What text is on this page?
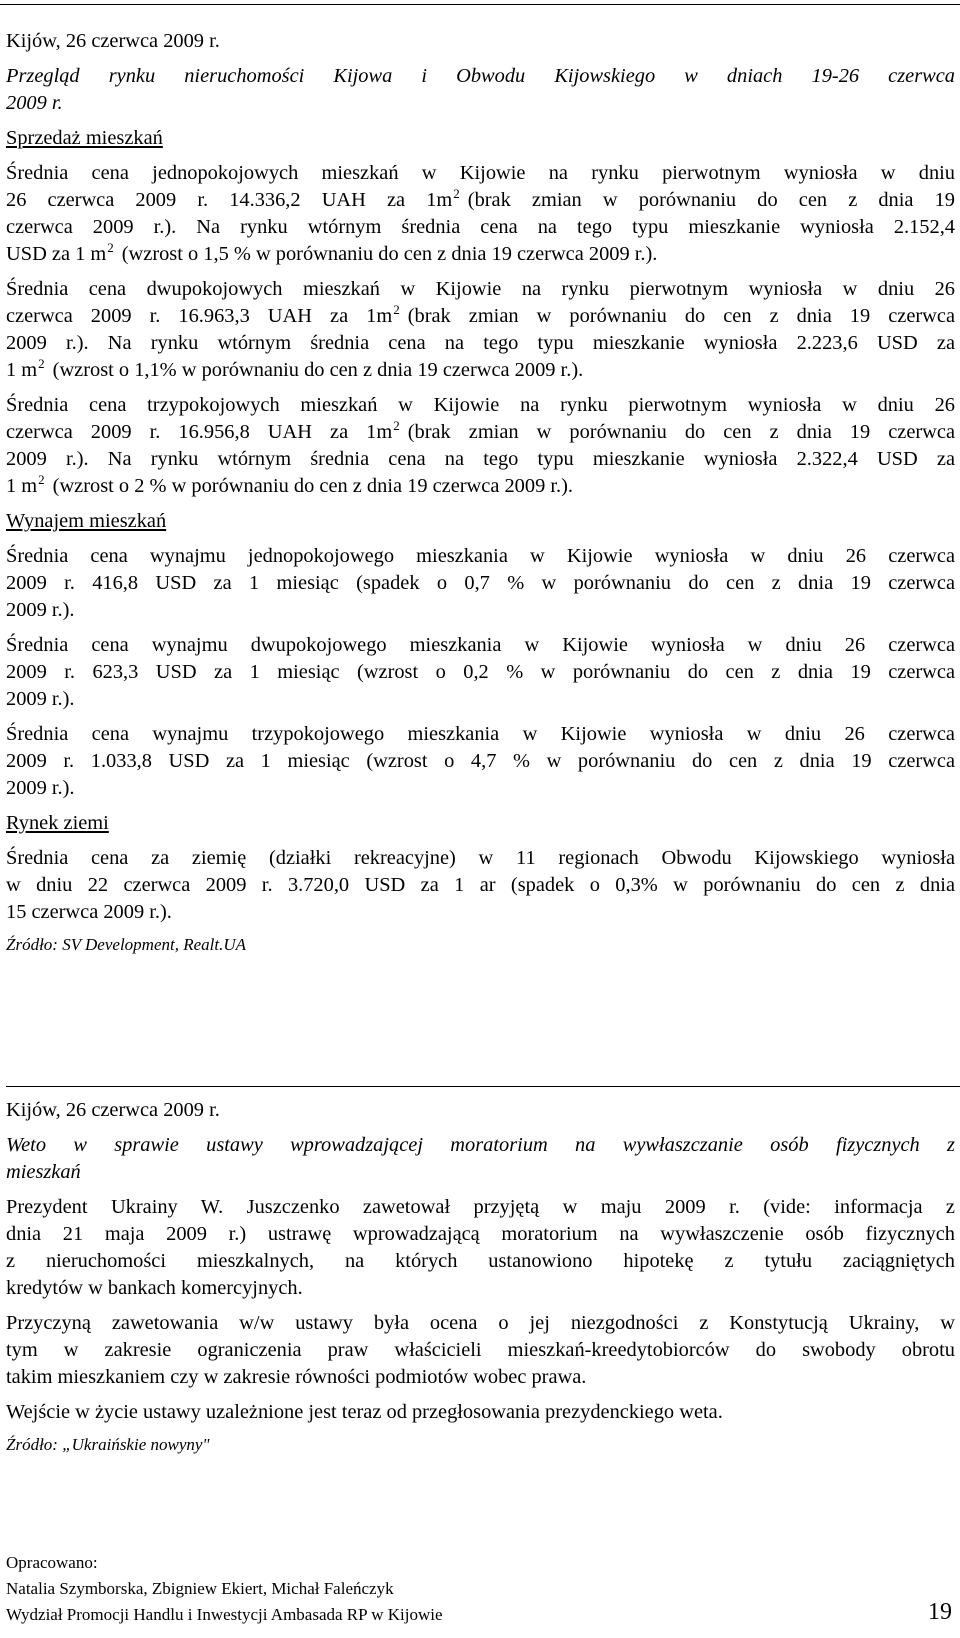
Kijów, 26 czerwca 2009 r.

Przegląd rynku nieruchomości Kijowa i Obwodu Kijowskiego w dniach 19-26 czerwca

2009 r.

Sprzedaż mieszkań

Średnia cena jednopokojowych mieszkań w Kijowie na rynku pierwotnym wyniosła w dniu

26 czerwca 2009 r. 14.336,2 UAH za $1m^2$ (brak zmian w porównaniu do cen z dnia 19

czerwca 2009 r.). Na rynku wtórnym średnia cena na tego typu mieszkanie wyniosła 2.152,4

USD za 1 $m^2$ (wzrost o 1,5 % w porównaniu do cen z dnia 19 czerwca 2009 r.).

Średnia cena dwupokojowych mieszkań w Kijowie na rynku pierwotnym wyniosła w dniu 26

czerwca 2009 r. 16.963,3 UAH za $1m^2$ (brak zmian w porównaniu do cen z dnia 19 czerwca

2009 r.). Na rynku wtórnym średnia cena na tego typu mieszkanie wyniosła 2.223,6 USD za

1 $m^2$ (wzrost o 1,1% w porównaniu do cen z dnia 19 czerwca 2009 r.).

Średnia cena trzypokojowych mieszkań w Kijowie na rynku pierwotnym wyniosła w dniu 26

czerwca 2009 r. 16.956,8 UAH za $1m^2$ (brak zmian w porównaniu do cen z dnia 19 czerwca

2009 r.). Na rynku wtórnym średnia cena na tego typu mieszkanie wyniosła 2.322,4 USD za

1 $m^2$ (wzrost o 2 % w porównaniu do cen z dnia 19 czerwca 2009 r.).

Wynajem mieszkań

Średnia cena wynajmu jednopokojowego mieszkania w Kijowie wyniosła w dniu 26 czerwca

2009 r. 416,8 USD za 1 miesiąc (spadek o 0,7 % w porównaniu do cen z dnia 19 czerwca

2009 r.).

Średnia cena wynajmu dwupokojowego mieszkania w Kijowie wyniosła w dniu 26 czerwca

2009 r. 623,3 USD za 1 miesiąc (wzrost o 0,2 % w porównaniu do cen z dnia 19 czerwca

2009 r.).

Średnia cena wynajmu trzypokojowego mieszkania w Kijowie wyniosła w dniu 26 czerwca

2009 r. 1.033,8 USD za 1 miesiąc (wzrost o 4,7 % w porównaniu do cen z dnia 19 czerwca

2009 r.).

Rynek ziemi

Średnia cena za ziemię (działki rekreacyjne) w 11 regionach Obwodu Kijowskiego wyniosła

w dniu 22 czerwca 2009 r. 3.720,0 USD za 1 ar (spadek o 0,3% w porównaniu do cen z dnia

15 czerwca 2009 r.).

Źródło: SV Development, Realt.UA

Kijów, 26 czerwca 2009 r.

Weto w sprawie ustawy wprowadzającej moratorium na wywłaszczanie osób fizycznych z

mieszkań

Prezydent Ukrainy W. Juszczenko zawetował przyjętą w maju 2009 r. (vide: informacja z

dnia 21 maja 2009 r.) ustrawę wprowadzającą moratorium na wywłaszczenie osób fizycznych

z nieruchomości mieszkalnych, na których ustanowiono hipotekę z tytułu zaciągniętych

kredytów w bankach komercyjnych.

Przyczyną zawetowania w/w ustawy była ocena o jej niezgodności z Konstytucją Ukrainy, w

tym w zakresie ograniczenia praw właścicieli mieszkań-kreedytobiorców do swobody obrotu

takim mieszkaniem czy w zakresie równości podmiotów wobec prawa.

Wejście w życie ustawy uzależnione jest teraz od przegłosowania prezydenckiego weta.

Źródło: „Ukraińskie nowyny"

Opracowano:

Natalia Szymborska, Zbigniew Ekiert, Michał Faleńczyk

Wydział Promocji Handlu i Inwestycji Ambasada RP w Kijowie	19
